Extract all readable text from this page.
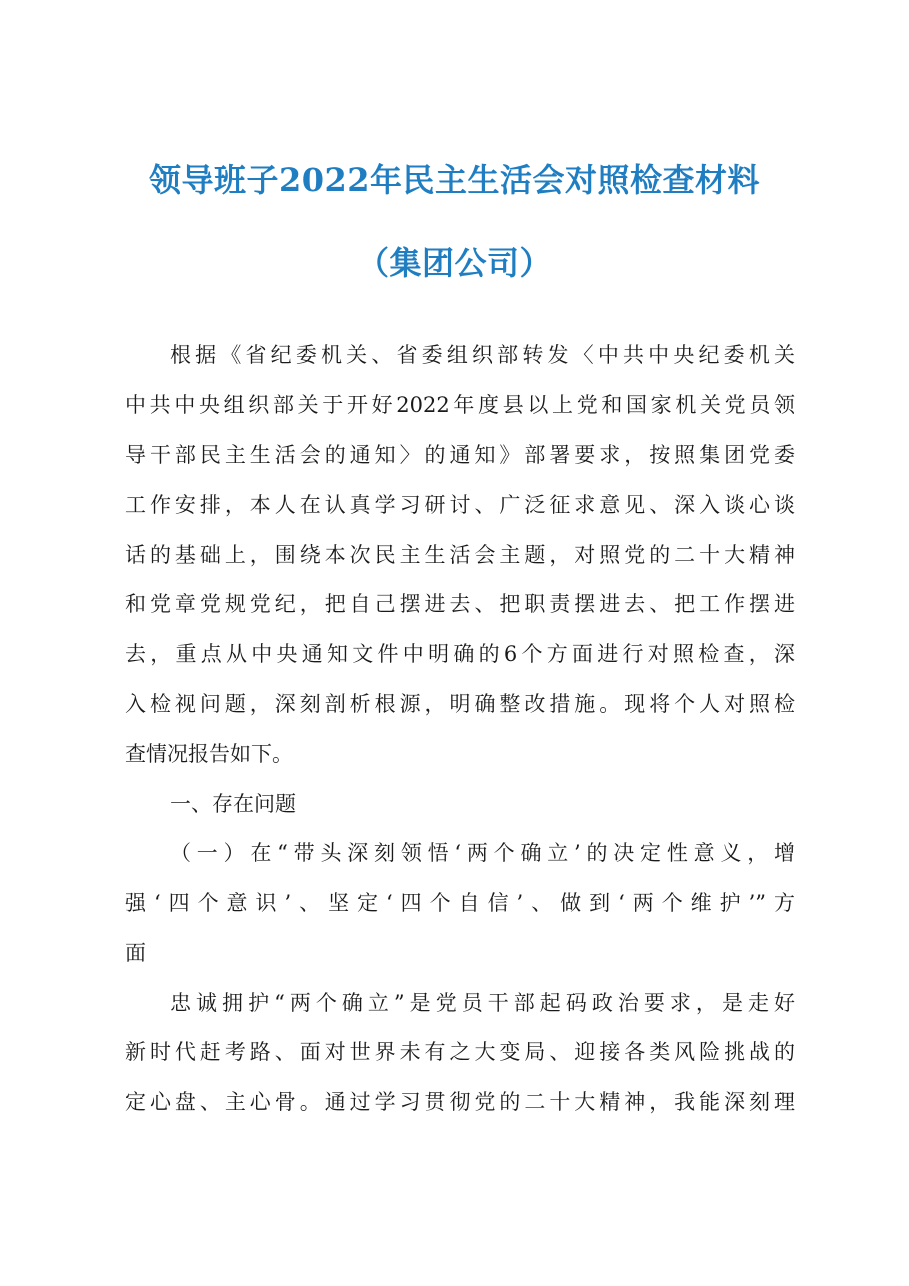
领导班子2022年民主生活会对照检查材料
（集团公司）
根据《省纪委机关、省委组织部转发〈中共中央纪委机关
中共中央组织部关于开好2022年度县以上党和国家机关党员领
导干部民主生活会的通知〉的通知》部署要求，按照集团党委
工作安排，本人在认真学习研讨、广泛征求意见、深入谈心谈
话的基础上，围绕本次民主生活会主题，对照党的二十大精神
和党章党规党纪，把自己摆进去、把职责摆进去、把工作摆进
去，重点从中央通知文件中明确的6个方面进行对照检查，深
入检视问题，深刻剖析根源，明确整改措施。现将个人对照检
查情况报告如下。
一、存在问题
（一）在“带头深刻领悟‘两个确立’的决定性意义，增
强‘四个意识’、坚定‘四个自信’、做到‘两个维护’”方
面
忠诚拥护“两个确立”是党员干部起码政治要求，是走好
新时代赶考路、面对世界未有之大变局、迎接各类风险挑战的
定心盘、主心骨。通过学习贯彻党的二十大精神，我能深刻理
